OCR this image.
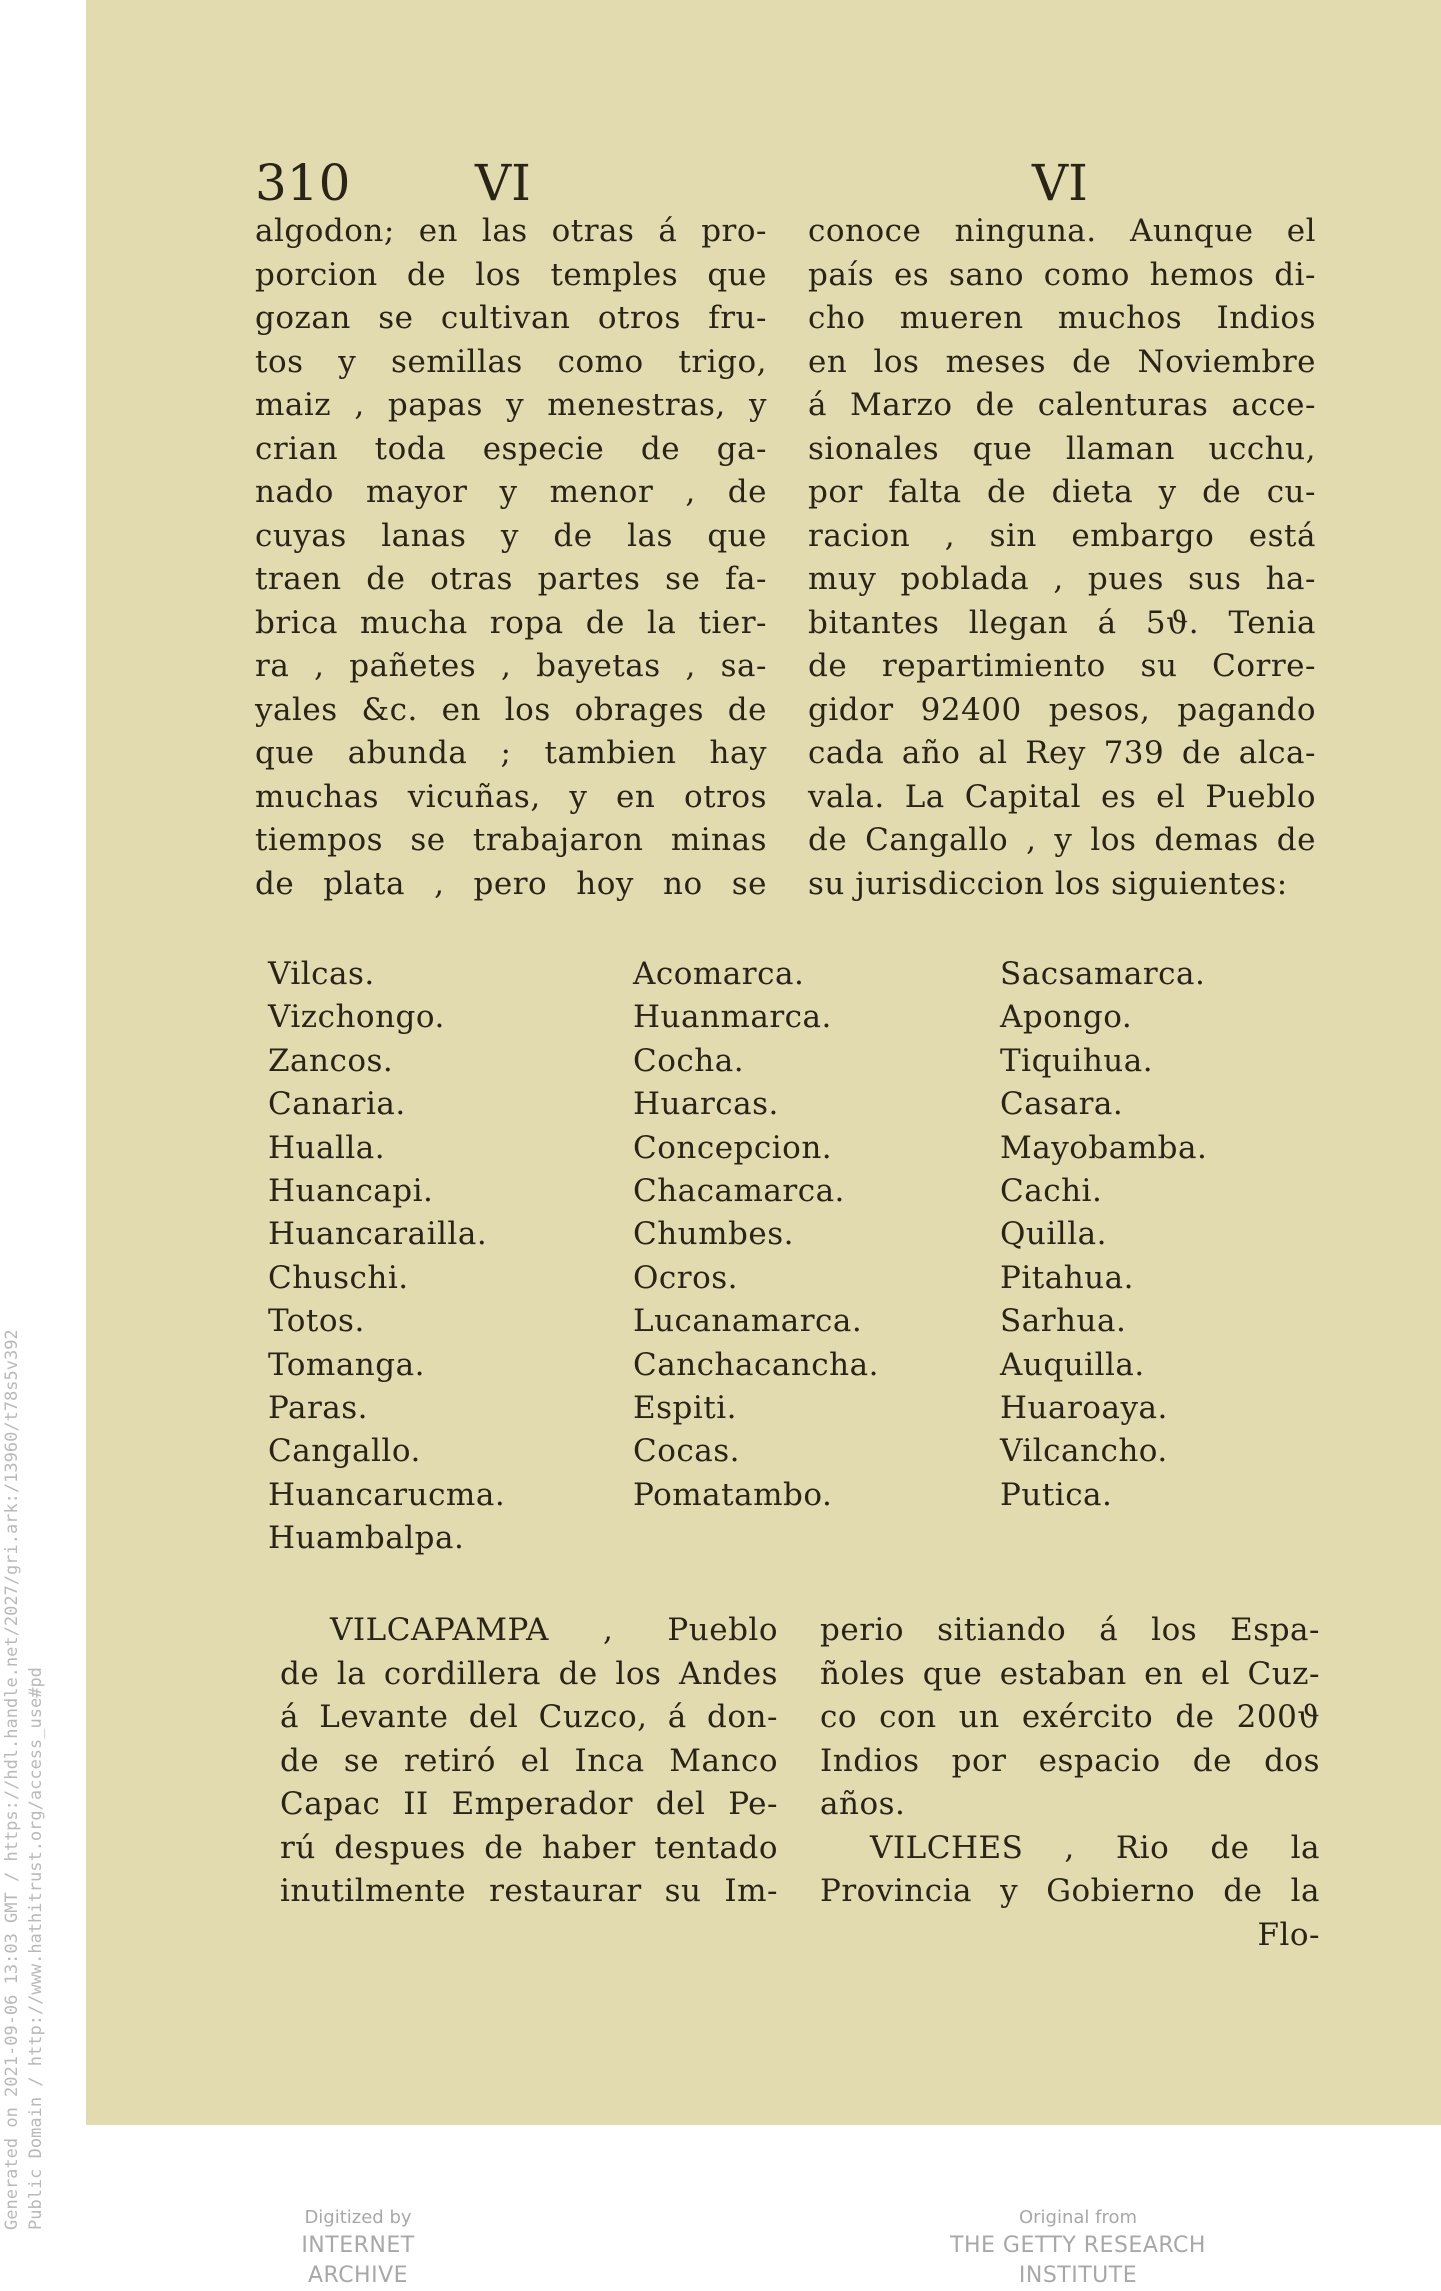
Generated on 2021-09-06 13:03 GMT / https://hdl.handle.net/2027/gri.ark:/13960/t78s5v392 Public Domain / http://www.hathitrust.org/access_use#pd
310 VI	VI
algodon; en las otras á pro-
porcion de los temples que
gozan se cultivan otros fru-
tos y semillas como trigo,
maiz , papas y menestras, y
crian toda especie de ga-
nado mayor y menor , de
cuyas lanas y de las que
traen de otras partes se fa-
brica mucha ropa de la tier-
ra , pañetes , bayetas , sa-
yales &c. en los obrages de
que abunda ; tambien hay
muchas vicuñas, y en otros
tiempos se trabajaron minas
de plata , pero hoy no se
conoce ninguna. Aunque el
país es sano como hemos di-
cho mueren muchos Indios
en los meses de Noviembre
á Marzo de calenturas acce-
sionales que llaman ucchu,
por falta de dieta y de cu-
racion , sin embargo está
muy poblada , pues sus ha-
bitantes llegan á 5ϑ. Tenia
de repartimiento su Corre-
gidor 92400 pesos, pagando
cada año al Rey 739 de alca-
vala. La Capital es el Pueblo
de Cangallo , y los demas de
su jurisdiccion los siguientes:
Vilcas.
Vizchongo.
Zancos.
Canaria.
Hualla.
Huancapi.
Huancarailla.
Chuschi.
Totos.
Tomanga.
Paras.
Cangallo.
Huancarucma.
Huambalpa.
Acomarca.
Huanmarca.
Cocha.
Huarcas.
Concepcion.
Chacamarca.
Chumbes.
Ocros.
Lucanamarca.
Canchacancha.
Espiti.
Cocas.
Pomatambo.
Sacsamarca.
Apongo.
Tiquihua.
Casara.
Mayobamba.
Cachi.
Quilla.
Pitahua.
Sarhua.
Auquilla.
Huaroaya.
Vilcancho.
Putica.
VILCAPAMPA , Pueblo
de la cordillera de los Andes
á Levante del Cuzco, á don-
de se retiró el Inca Manco
Capac II Emperador del Pe-
rú despues de haber tentado
inutilmente restaurar su Im-
perio sitiando á los Espa-
ñoles que estaban en el Cuz-
co con un exército de 200ϑ
Indios por espacio de dos
años.
VILCHES , Rio de la
Provincia y Gobierno de la
Flo-
Digitized by
INTERNET ARCHIVE
Original from
THE GETTY RESEARCH INSTITUTE
